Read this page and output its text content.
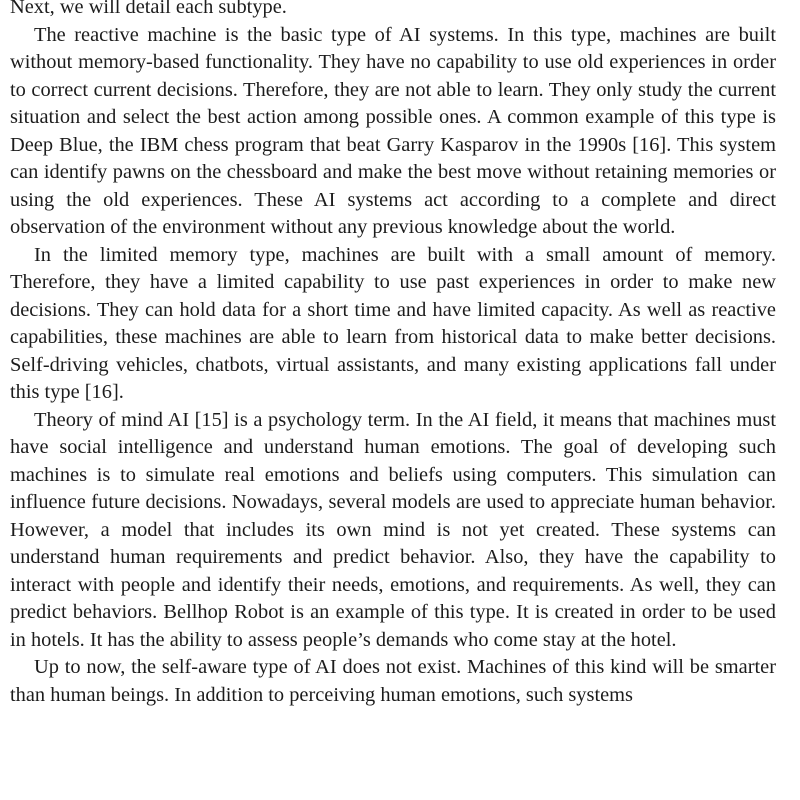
Next, we will detail each subtype.

The reactive machine is the basic type of AI systems. In this type, machines are built without memory-based functionality. They have no capability to use old experiences in order to correct current decisions. Therefore, they are not able to learn. They only study the current situation and select the best action among possible ones. A common example of this type is Deep Blue, the IBM chess program that beat Garry Kasparov in the 1990s [16]. This system can identify pawns on the chessboard and make the best move without retaining memories or using the old experiences. These AI systems act according to a complete and direct observation of the environment without any previous knowledge about the world.

In the limited memory type, machines are built with a small amount of memory. Therefore, they have a limited capability to use past experiences in order to make new decisions. They can hold data for a short time and have limited capacity. As well as reactive capabilities, these machines are able to learn from historical data to make better decisions. Self-driving vehicles, chatbots, virtual assistants, and many existing applications fall under this type [16].

Theory of mind AI [15] is a psychology term. In the AI field, it means that machines must have social intelligence and understand human emotions. The goal of developing such machines is to simulate real emotions and beliefs using computers. This simulation can influence future decisions. Nowadays, several models are used to appreciate human behavior. However, a model that includes its own mind is not yet created. These systems can understand human requirements and predict behavior. Also, they have the capability to interact with people and identify their needs, emotions, and requirements. As well, they can predict behaviors. Bellhop Robot is an example of this type. It is created in order to be used in hotels. It has the ability to assess people’s demands who come stay at the hotel.

Up to now, the self-aware type of AI does not exist. Machines of this kind will be smarter than human beings. In addition to perceiving human emotions, such systems
